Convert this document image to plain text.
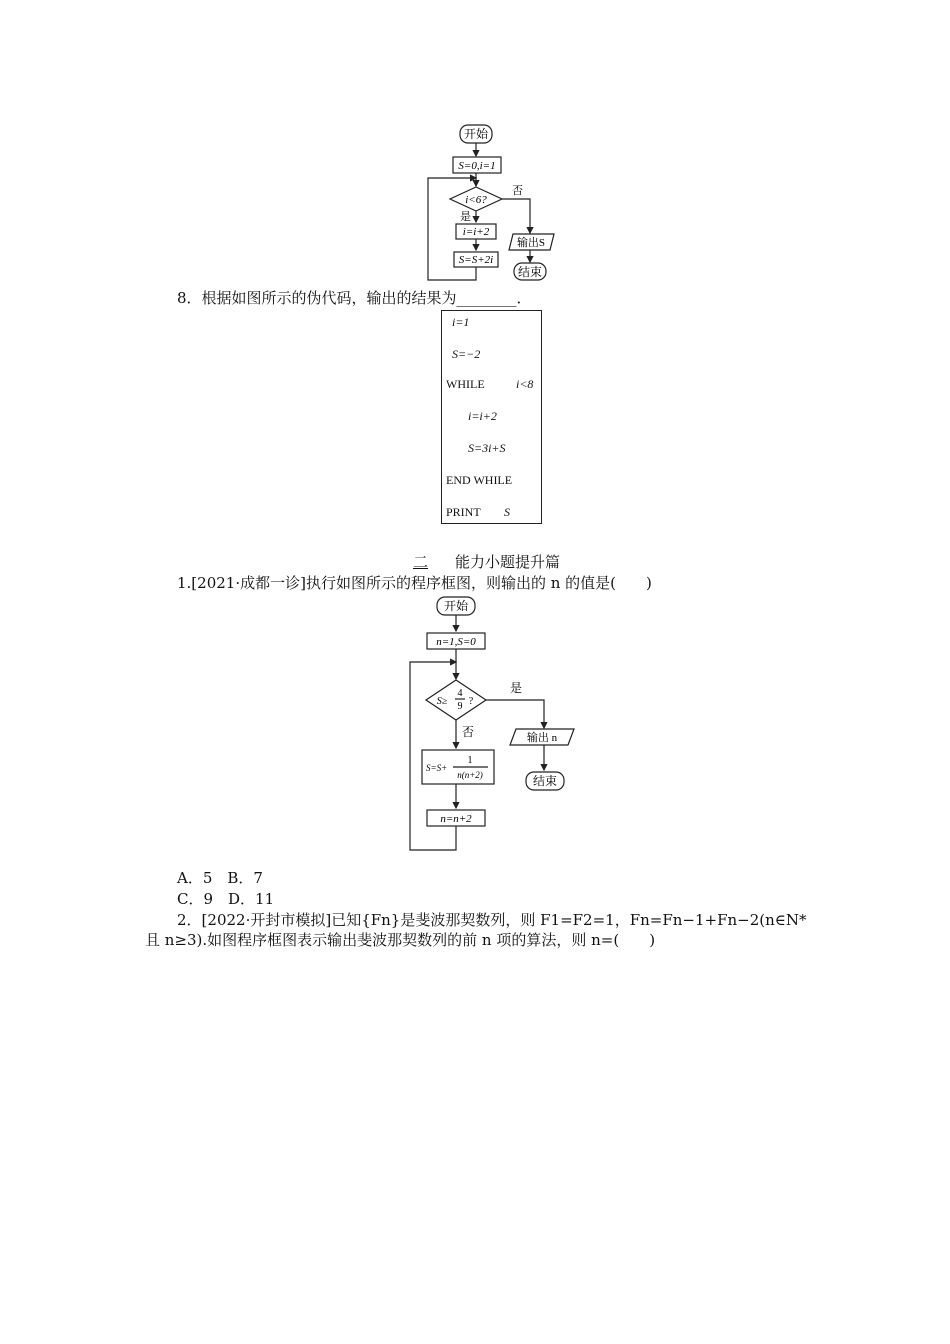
开始
S=0,i=1
i<6?
否
是
i=i+2
S=S+2i
输出S
结束
8．根据如图所示的伪代码，输出的结果为________．
i=1
S=−2
WHILE	i<8
i=i+2
S=3i+S
END WHILE
PRINT S
二 能力小题提升篇
1.[2021·成都一诊]执行如图所示的程序框图，则输出的 n 的值是(　　)
开始
n=1,S=0
S≥
4
9 ?
是
否
S=S+
1
n(n+2)
n=n+2
输出 n
结束
A．5　B．7
C．9　D．11
2．[2022·开封市模拟]已知{Fn}是斐波那契数列，则 F1=F2=1，Fn=Fn−1+Fn−2(n∈N*
且 n≥3).如图程序框图表示输出斐波那契数列的前 n 项的算法，则 n=(　　)
